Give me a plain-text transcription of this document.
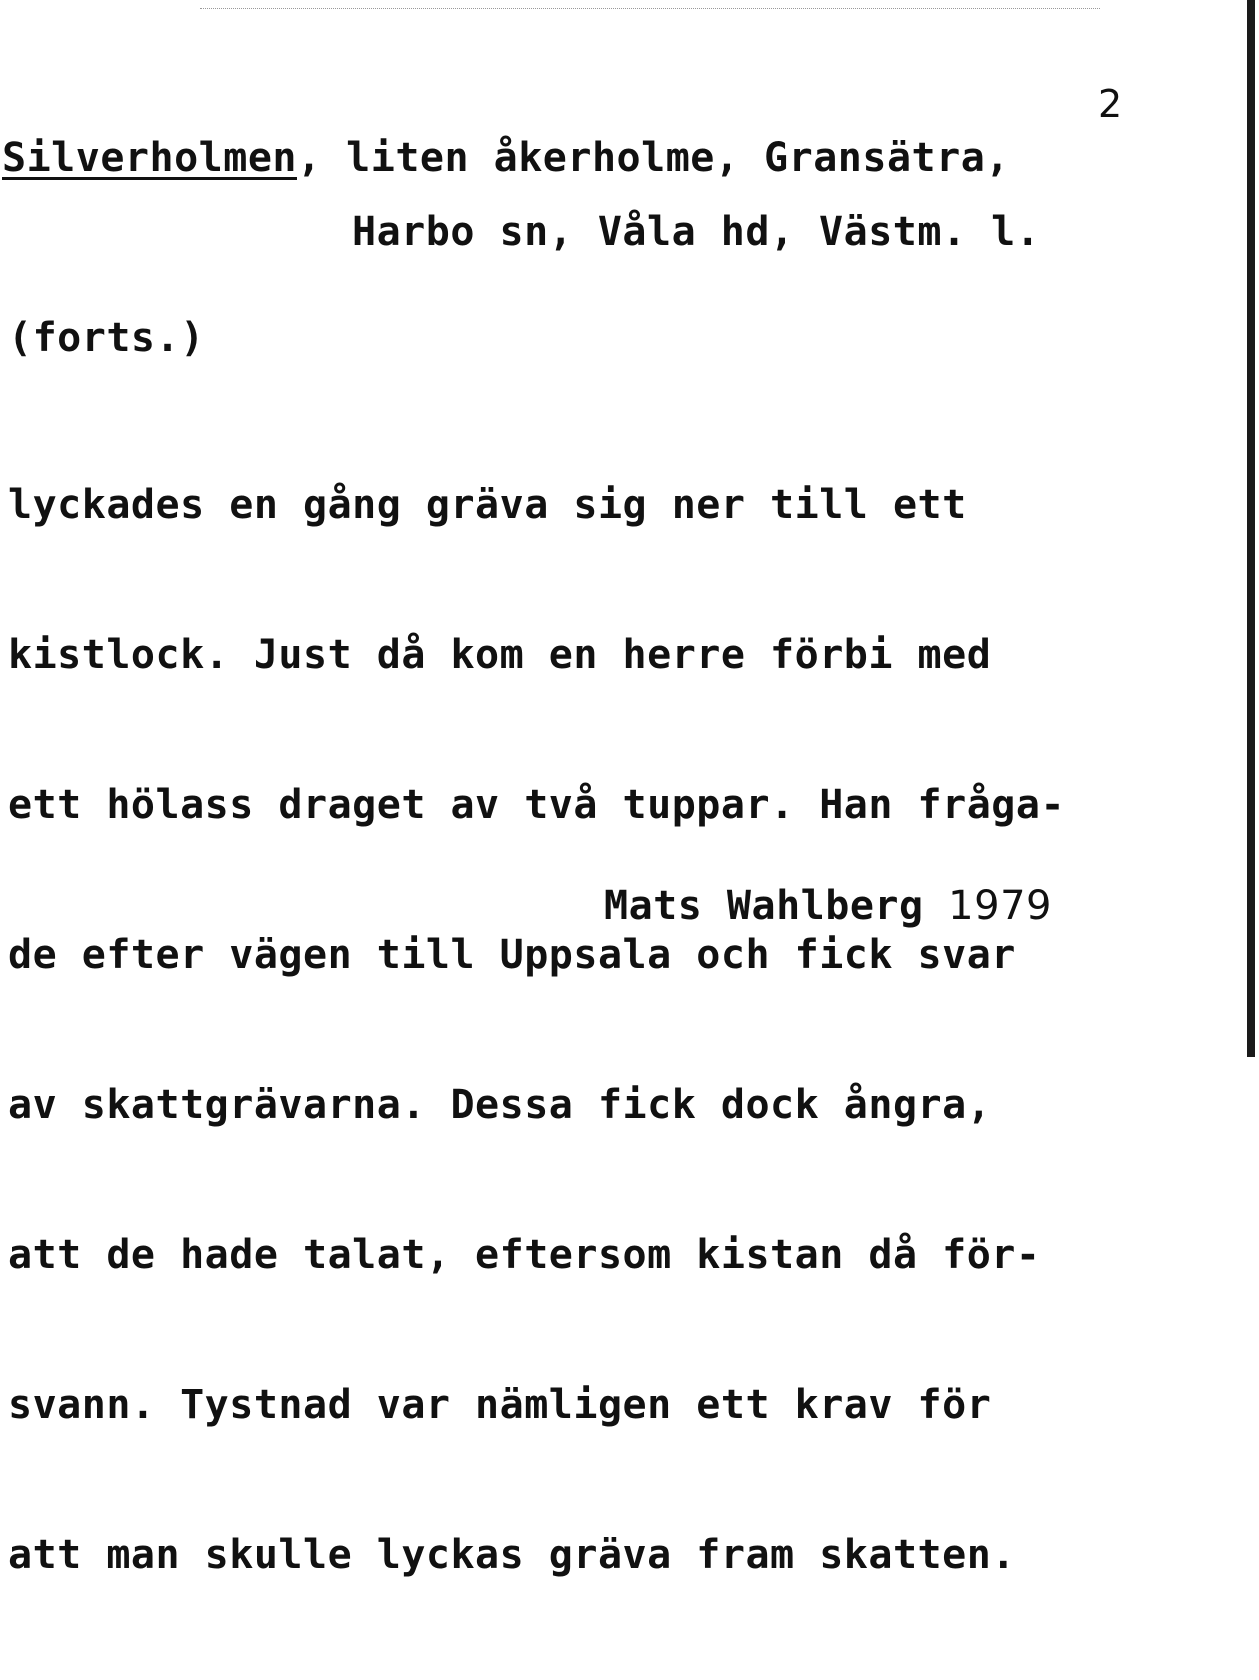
2
Silverholmen, liten åkerholme, Gransätra,
Harbo sn, Våla hd, Västm. l.
(forts.)

lyckades en gång gräva sig ner till ett

kistlock. Just då kom en herre förbi med

ett hölass draget av två tuppar. Han fråga-

de efter vägen till Uppsala och fick svar

av skattgrävarna. Dessa fick dock ångra,

att de hade talat, eftersom kistan då för-

svann. Tystnad var nämligen ett krav för

att man skulle lyckas gräva fram skatten.

Mats Wahlberg 1979
